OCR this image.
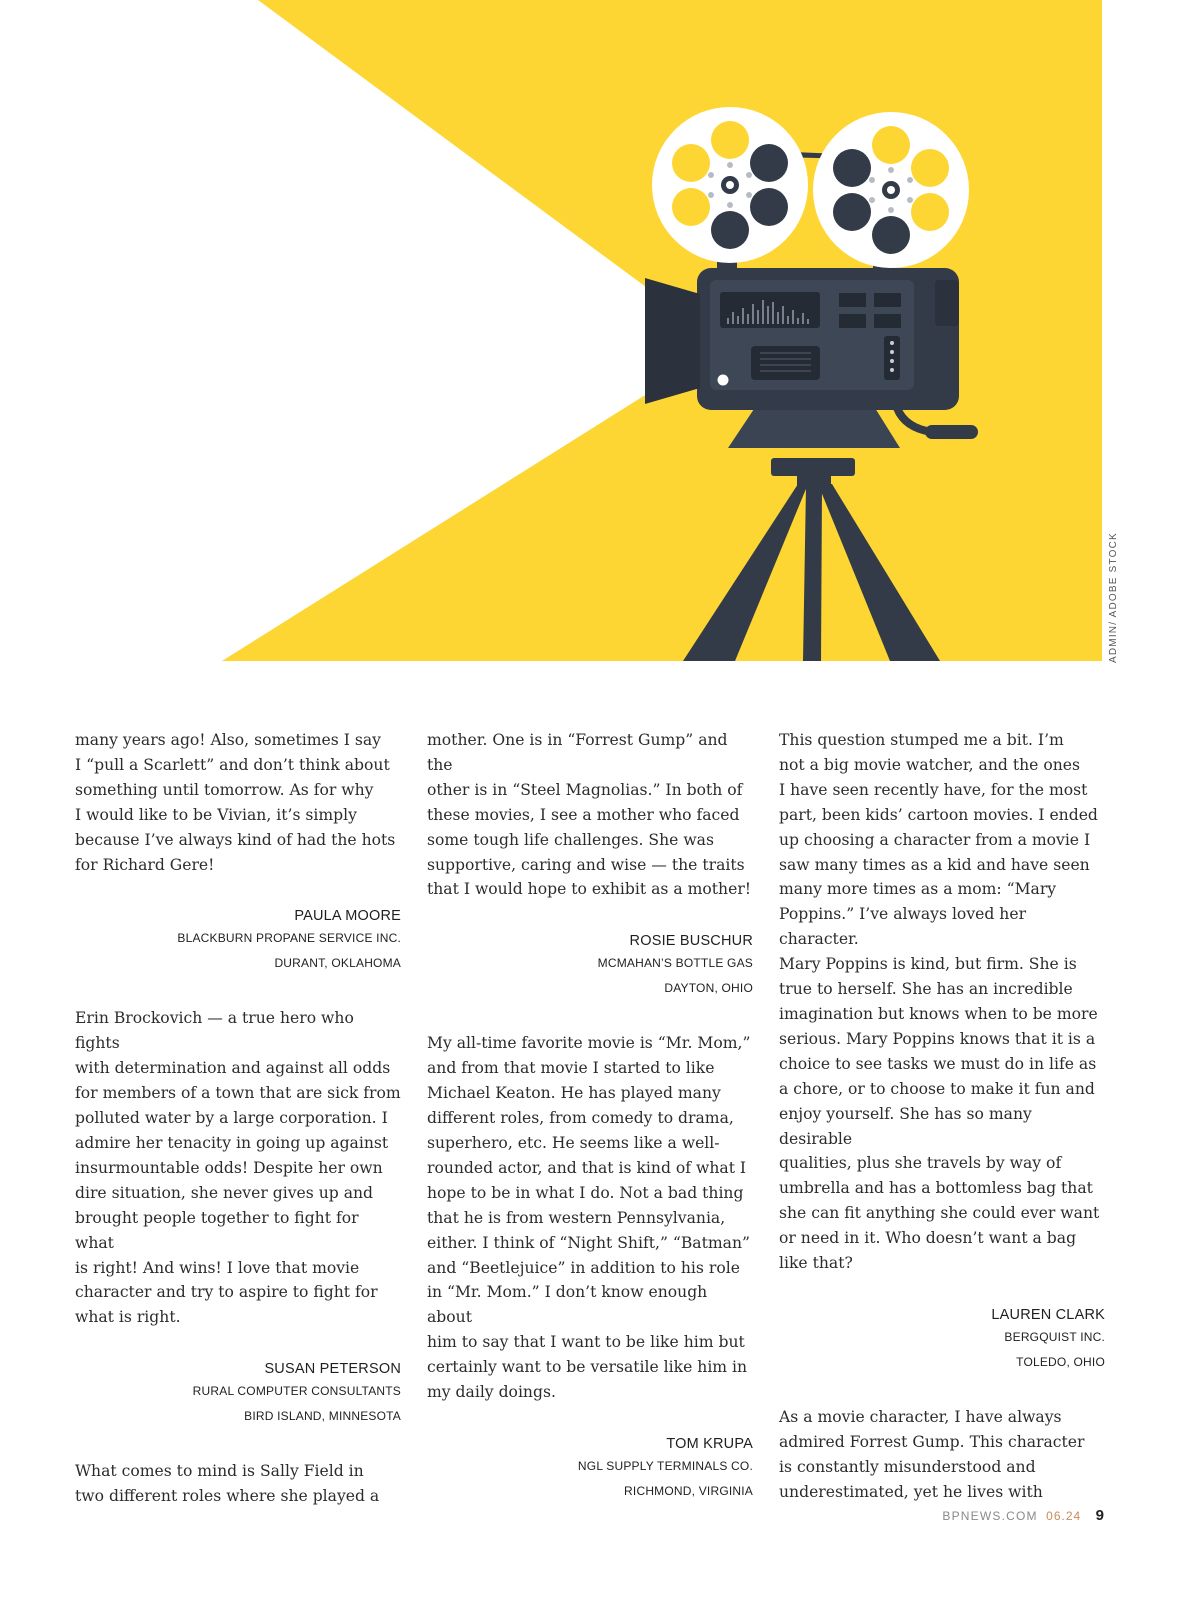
ADMIN/ ADOBE STOCK
many years ago! Also, sometimes I say
I “pull a Scarlett” and don’t think about
something until tomorrow. As for why
I would like to be Vivian, it’s simply
because I’ve always kind of had the hots
for Richard Gere!
PAULA MOORE
BLACKBURN PROPANE SERVICE INC.
DURANT, OKLAHOMA
Erin Brockovich — a true hero who fights
with determination and against all odds
for members of a town that are sick from
polluted water by a large corporation. I
admire her tenacity in going up against
insurmountable odds! Despite her own
dire situation, she never gives up and
brought people together to fight for what
is right! And wins! I love that movie
character and try to aspire to fight for
what is right.
SUSAN PETERSON
RURAL COMPUTER CONSULTANTS
BIRD ISLAND, MINNESOTA
What comes to mind is Sally Field in
two different roles where she played a
mother. One is in “Forrest Gump” and the
other is in “Steel Magnolias.” In both of
these movies, I see a mother who faced
some tough life challenges. She was
supportive, caring and wise — the traits
that I would hope to exhibit as a mother!
ROSIE BUSCHUR
MCMAHAN’S BOTTLE GAS
DAYTON, OHIO
My all-time favorite movie is “Mr. Mom,”
and from that movie I started to like
Michael Keaton. He has played many
different roles, from comedy to drama,
superhero, etc. He seems like a well-
rounded actor, and that is kind of what I
hope to be in what I do. Not a bad thing
that he is from western Pennsylvania,
either. I think of “Night Shift,” “Batman”
and “Beetlejuice” in addition to his role
in “Mr. Mom.” I don’t know enough about
him to say that I want to be like him but
certainly want to be versatile like him in
my daily doings.
TOM KRUPA
NGL SUPPLY TERMINALS CO.
RICHMOND, VIRGINIA
This question stumped me a bit. I’m
not a big movie watcher, and the ones
I have seen recently have, for the most
part, been kids’ cartoon movies. I ended
up choosing a character from a movie I
saw many times as a kid and have seen
many more times as a mom: “Mary
Poppins.” I’ve always loved her character.
Mary Poppins is kind, but firm. She is
true to herself. She has an incredible
imagination but knows when to be more
serious. Mary Poppins knows that it is a
choice to see tasks we must do in life as
a chore, or to choose to make it fun and
enjoy yourself. She has so many desirable
qualities, plus she travels by way of
umbrella and has a bottomless bag that
she can fit anything she could ever want
or need in it. Who doesn’t want a bag
like that?
LAUREN CLARK
BERGQUIST INC.
TOLEDO, OHIO
As a movie character, I have always
admired Forrest Gump. This character
is constantly misunderstood and
underestimated, yet he lives with
BPNEWS.COM 06.24 9
